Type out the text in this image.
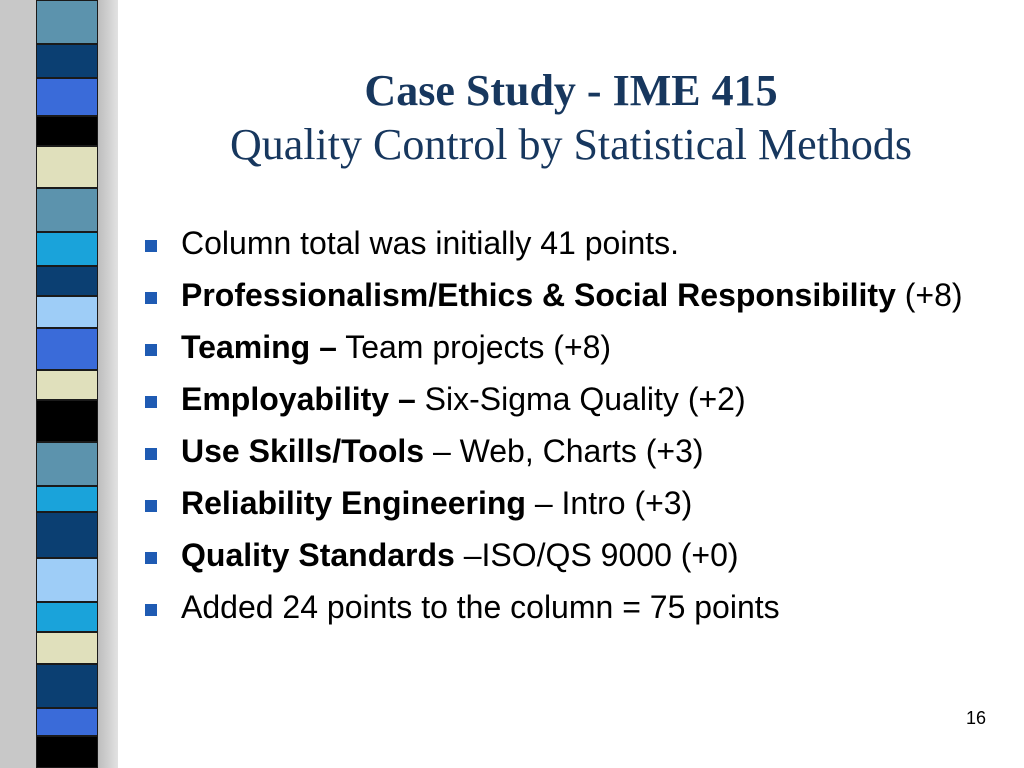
Case Study - IME 415
Quality Control by Statistical Methods
Column total was initially 41 points.
Professionalism/Ethics & Social Responsibility (+8)
Teaming – Team projects (+8)
Employability – Six-Sigma Quality (+2)
Use Skills/Tools – Web, Charts (+3)
Reliability Engineering – Intro (+3)
Quality Standards –ISO/QS 9000 (+0)
Added 24 points to the column = 75 points
16
